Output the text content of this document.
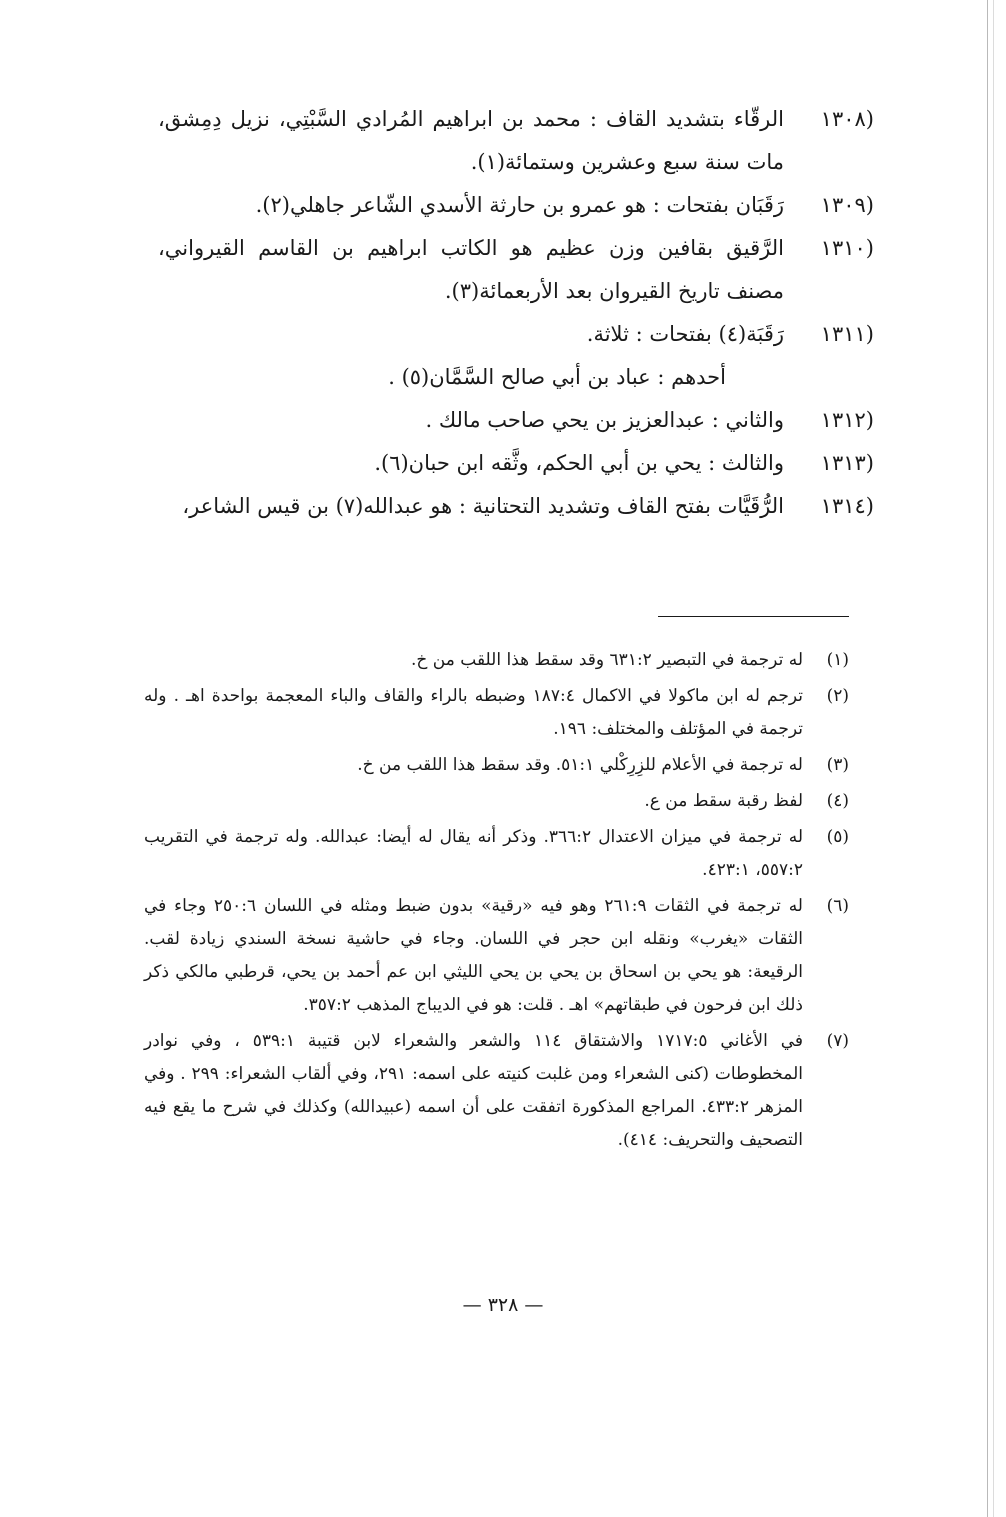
(١٣٠٨
الرقّاء بتشديد القاف : محمد بن ابراهيم المُرادي السَّبْتِي، نزيل دِمِشق، مات سنة سبع وعشرين وستمائة(١).
(١٣٠٩
رَقَبَان بفتحات : هو عمرو بن حارثة الأسدي الشّاعر جاهلي(٢).
(١٣١٠
الرَّقيق بقافين وزن عظيم هو الكاتب ابراهيم بن القاسم القيرواني، مصنف تاريخ القيروان بعد الأربعمائة(٣).
(١٣١١
رَقَبَة(٤) بفتحات : ثلاثة.
أحدهم : عباد بن أبي صالح السَّمَّان(٥) .
(١٣١٢
والثاني : عبدالعزيز بن يحي صاحب مالك .
(١٣١٣
والثالث : يحي بن أبي الحكم، وثَّقه ابن حبان(٦).
(١٣١٤
الرُّقَيَّات بفتح القاف وتشديد التحتانية : هو عبدالله(٧) بن قيس الشاعر،
(١)
له ترجمة في التبصير ٦٣١:٢ وقد سقط هذا اللقب من خ.
(٢)
ترجم له ابن ماكولا في الاكمال ١٨٧:٤ وضبطه بالراء والقاف والباء المعجمة بواحدة اهـ . وله ترجمة في المؤتلف والمختلف: ١٩٦.
(٣)
له ترجمة في الأعلام للزِرِكْلي ٥١:١. وقد سقط هذا اللقب من خ.
(٤)
لفظ رقبة سقط من ع.
(٥)
له ترجمة في ميزان الاعتدال ٣٦٦:٢. وذكر أنه يقال له أيضا: عبدالله. وله ترجمة في التقريب ٥٥٧:٢، ٤٢٣:١.
(٦)
له ترجمة في الثقات ٢٦١:٩ وهو فيه «رقية» بدون ضبط ومثله في اللسان ٢٥٠:٦ وجاء في الثقات «يغرب» ونقله ابن حجر في اللسان. وجاء في حاشية نسخة السندي زيادة لقب. الرقيعة: هو يحي بن اسحاق بن يحي بن يحي الليثي ابن عم أحمد بن يحي، قرطبي مالكي ذكر ذلك ابن فرحون في طبقاتهم» اهـ . قلت: هو في الديباج المذهب ٣٥٧:٢.
(٧)
في الأغاني ١٧١٧:٥ والاشتقاق ١١٤ والشعر والشعراء لابن قتيبة ٥٣٩:١ ، وفي نوادر المخطوطات (كنى الشعراء ومن غلبت كنيته على اسمه: ٢٩١، وفي ألقاب الشعراء: ٢٩٩ . وفي المزهر ٤٣٣:٢. المراجع المذكورة اتفقت على أن اسمه (عبيدالله) وكذلك في شرح ما يقع فيه التصحيف والتحريف: ٤١٤).
— ٣٢٨ —
